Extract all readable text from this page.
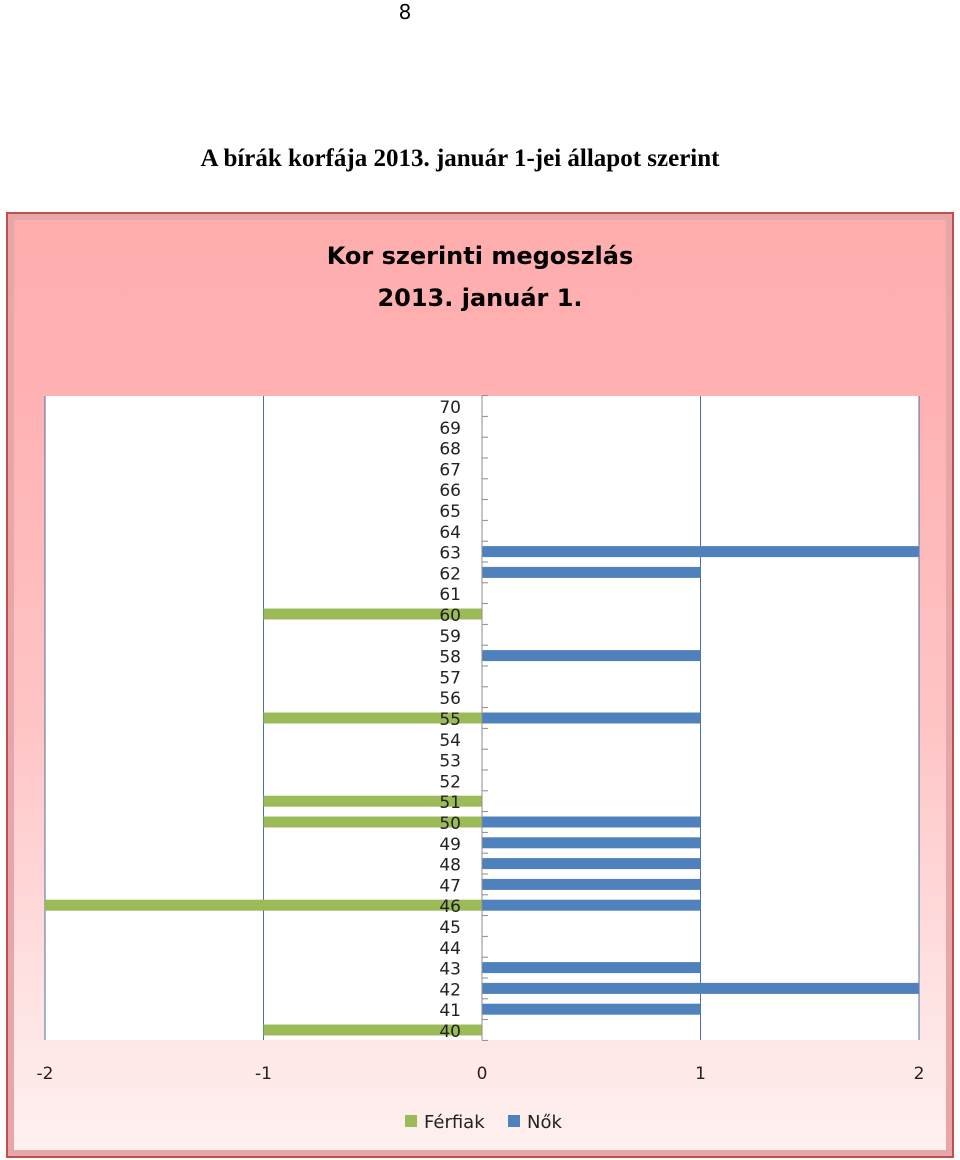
8
A bírák korfája 2013. január 1-jei állapot szerint
40
41
42
43
44
45
46
47
48
49
50
51
52
53
54
55
56
57
58
59
60
61
62
63
64
65
66
67
68
69
70
-2	-1	0	1	2
Kor szerinti megoszlás
2013. január 1.
Férfiak Nők
